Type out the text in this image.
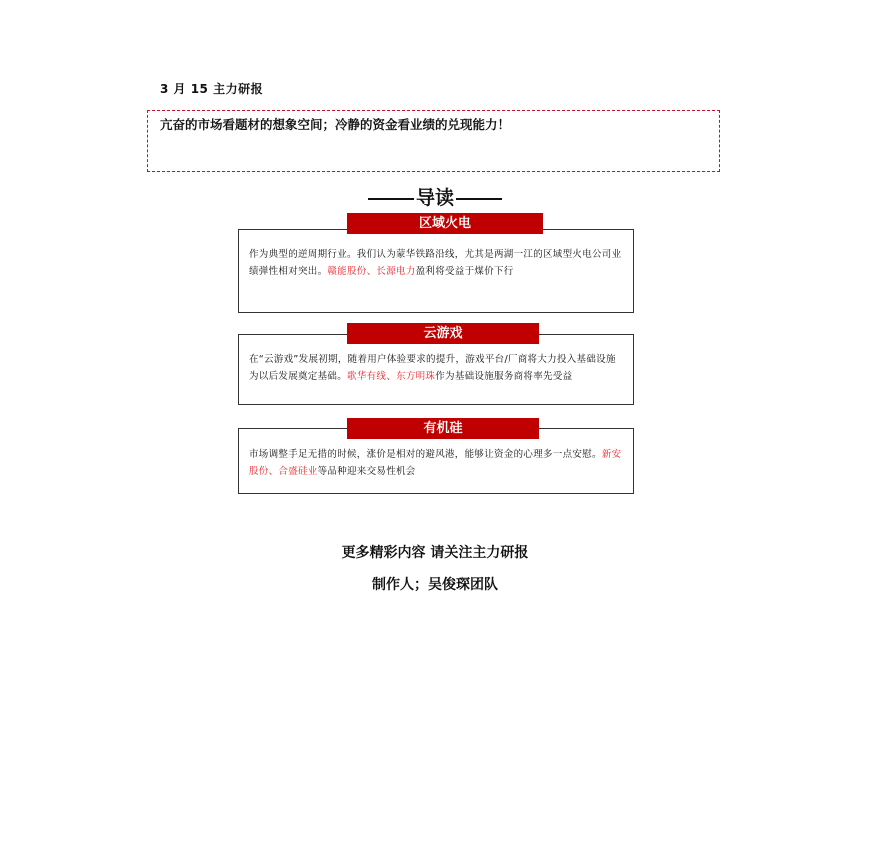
3 月 15 主力研报
亢奋的市场看题材的想象空间；冷静的资金看业绩的兑现能力！
导读
区域火电
作为典型的逆周期行业。我们认为蒙华铁路沿线，尤其是两湖一江的区域型火电公司业绩弹性相对突出。赣能股份、长源电力盈利将受益于煤价下行
云游戏
在“云游戏”发展初期，随着用户体验要求的提升，游戏平台/厂商将大力投入基础设施为以后发展奠定基础。歌华有线、东方明珠作为基础设施服务商将率先受益
有机硅
市场调整手足无措的时候，涨价是相对的避风港，能够让资金的心理多一点安慰。新安股份、合盛硅业等品种迎来交易性机会
更多精彩内容 请关注主力研报
制作人；吴俊琛团队
